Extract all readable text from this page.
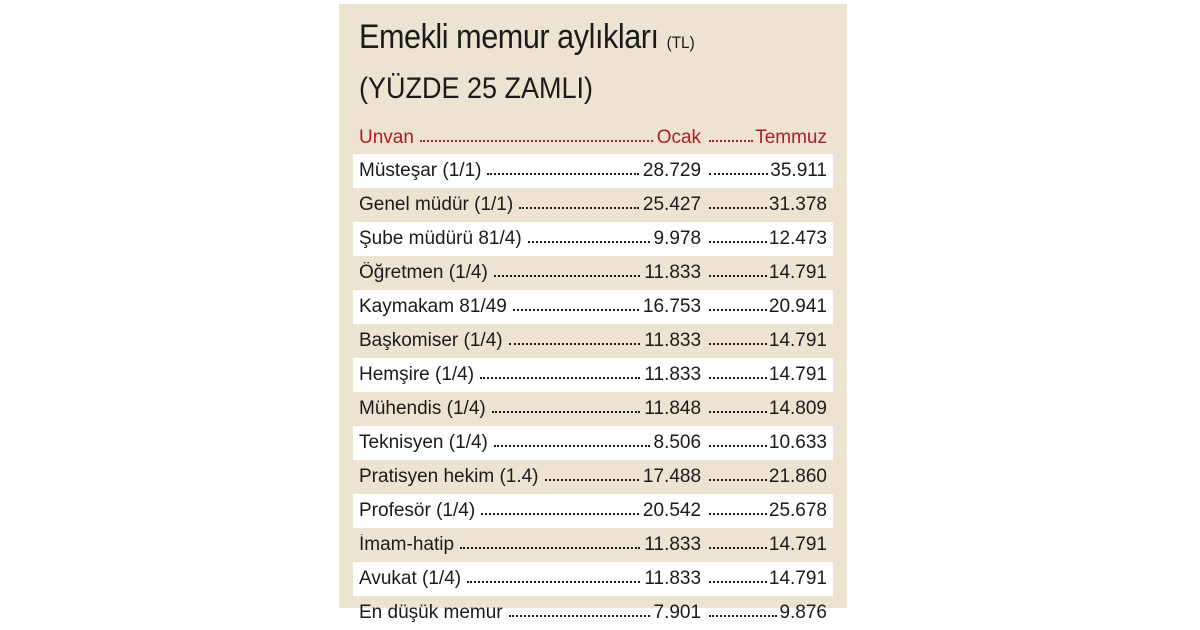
Emekli memur aylıkları (TL)
(YÜZDE 25 ZAMLI)
Unvan	Ocak	Temmuz
Müsteşar (1/1)	28.729	35.911
Genel müdür (1/1)	25.427	31.378
Şube müdürü 81/4)	9.978	12.473
Öğretmen (1/4)	11.833	14.791
Kaymakam 81/49	16.753	20.941
Başkomiser (1/4)	11.833	14.791
Hemşire (1/4)	11.833	14.791
Mühendis (1/4)	11.848	14.809
Teknisyen (1/4)	8.506	10.633
Pratisyen hekim (1.4)	17.488	21.860
Profesör (1/4)	20.542	25.678
İmam-hatip	11.833	14.791
Avukat (1/4)	11.833	14.791
En düşük memur	7.901	9.876
